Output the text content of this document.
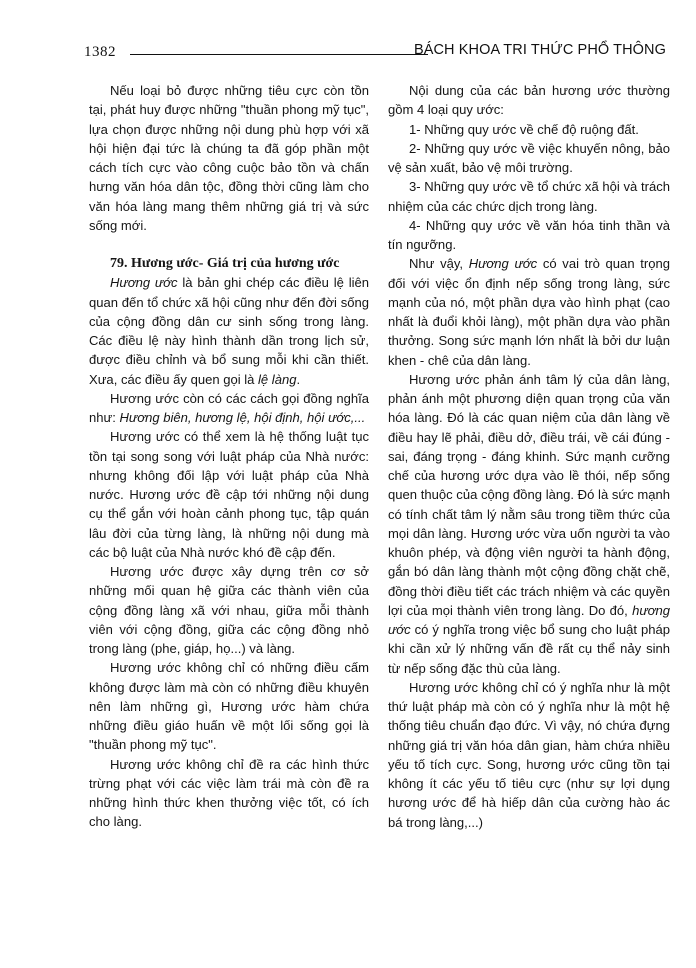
1382	BÁCH KHOA TRI THỨC PHỔ THÔNG

Nếu loại bỏ được những tiêu cực còn tồn tại, phát huy được những "thuần phong mỹ tục", lựa chọn được những nội dung phù hợp với xã hội hiện đại tức là chúng ta đã góp phần một cách tích cực vào công cuộc bảo tồn và chấn hưng văn hóa dân tộc, đồng thời cũng làm cho văn hóa làng mang thêm những giá trị và sức sống mới.

79. Hương ước- Giá trị của hương ước

Hương ước là bản ghi chép các điều lệ liên quan đến tổ chức xã hội cũng như đến đời sống của cộng đồng dân cư sinh sống trong làng. Các điều lệ này hình thành dần trong lịch sử, được điều chỉnh và bổ sung mỗi khi cần thiết. Xưa, các điều ấy quen gọi là lệ làng.

Hương ước còn có các cách gọi đồng nghĩa như: Hương biên, hương lệ, hội định, hội ước,...

Hương ước có thể xem là hệ thống luật tục tồn tại song song với luật pháp của Nhà nước: nhưng không đối lập với luật pháp của Nhà nước. Hương ước đề cập tới những nội dung cụ thể gắn với hoàn cảnh phong tục, tập quán lâu đời của từng làng, là những nội dung mà các bộ luật của Nhà nước khó đề cập đến.

Hương ước được xây dựng trên cơ sở những mối quan hệ giữa các thành viên của cộng đồng làng xã với nhau, giữa mỗi thành viên với cộng đồng, giữa các cộng đồng nhỏ trong làng (phe, giáp, họ...) và làng.

Hương ước không chỉ có những điều cấm không được làm mà còn có những điều khuyên nên làm những gì, Hương ước hàm chứa những điều giáo huấn về một lối sống gọi là "thuần phong mỹ tục".

Hương ước không chỉ đề ra các hình thức trừng phạt với các việc làm trái mà còn đề ra những hình thức khen thưởng việc tốt, có ích cho làng.

Nội dung của các bản hương ước thường gồm 4 loại quy ước:

1- Những quy ước về chế độ ruộng đất.

2- Những quy ước về việc khuyến nông, bảo vệ sản xuất, bảo vệ môi trường.

3- Những quy ước về tổ chức xã hội và trách nhiệm của các chức dịch trong làng.

4- Những quy ước về văn hóa tinh thần và tín ngưỡng.

Như vậy, Hương ước có vai trò quan trọng đối với việc ổn định nếp sống trong làng, sức mạnh của nó, một phần dựa vào hình phạt (cao nhất là đuổi khỏi làng), một phần dựa vào phần thưởng. Song sức mạnh lớn nhất là bởi dư luận khen - chê của dân làng.

Hương ước phản ánh tâm lý của dân làng, phản ánh một phương diện quan trọng của văn hóa làng. Đó là các quan niệm của dân làng về điều hay lẽ phải, điều dở, điều trái, về cái đúng - sai, đáng trọng - đáng khinh. Sức mạnh cưỡng chế của hương ước dựa vào lề thói, nếp sống quen thuộc của cộng đồng làng. Đó là sức mạnh có tính chất tâm lý nằm sâu trong tiềm thức của mọi dân làng. Hương ước vừa uốn người ta vào khuôn phép, và động viên người ta hành động, gắn bó dân làng thành một cộng đồng chặt chẽ, đồng thời điều tiết các trách nhiệm và các quyền lợi của mọi thành viên trong làng. Do đó, hương ước có ý nghĩa trong việc bổ sung cho luật pháp khi cần xử lý những vấn đề rất cụ thể nảy sinh từ nếp sống đặc thù của làng.

Hương ước không chỉ có ý nghĩa như là một thứ luật pháp mà còn có ý nghĩa như là một hệ thống tiêu chuẩn đạo đức. Vì vậy, nó chứa đựng những giá trị văn hóa dân gian, hàm chứa nhiều yếu tố tích cực. Song, hương ước cũng tồn tại không ít các yếu tố tiêu cực (như sự lợi dụng hương ước để hà hiếp dân của cường hào ác bá trong làng,...)
